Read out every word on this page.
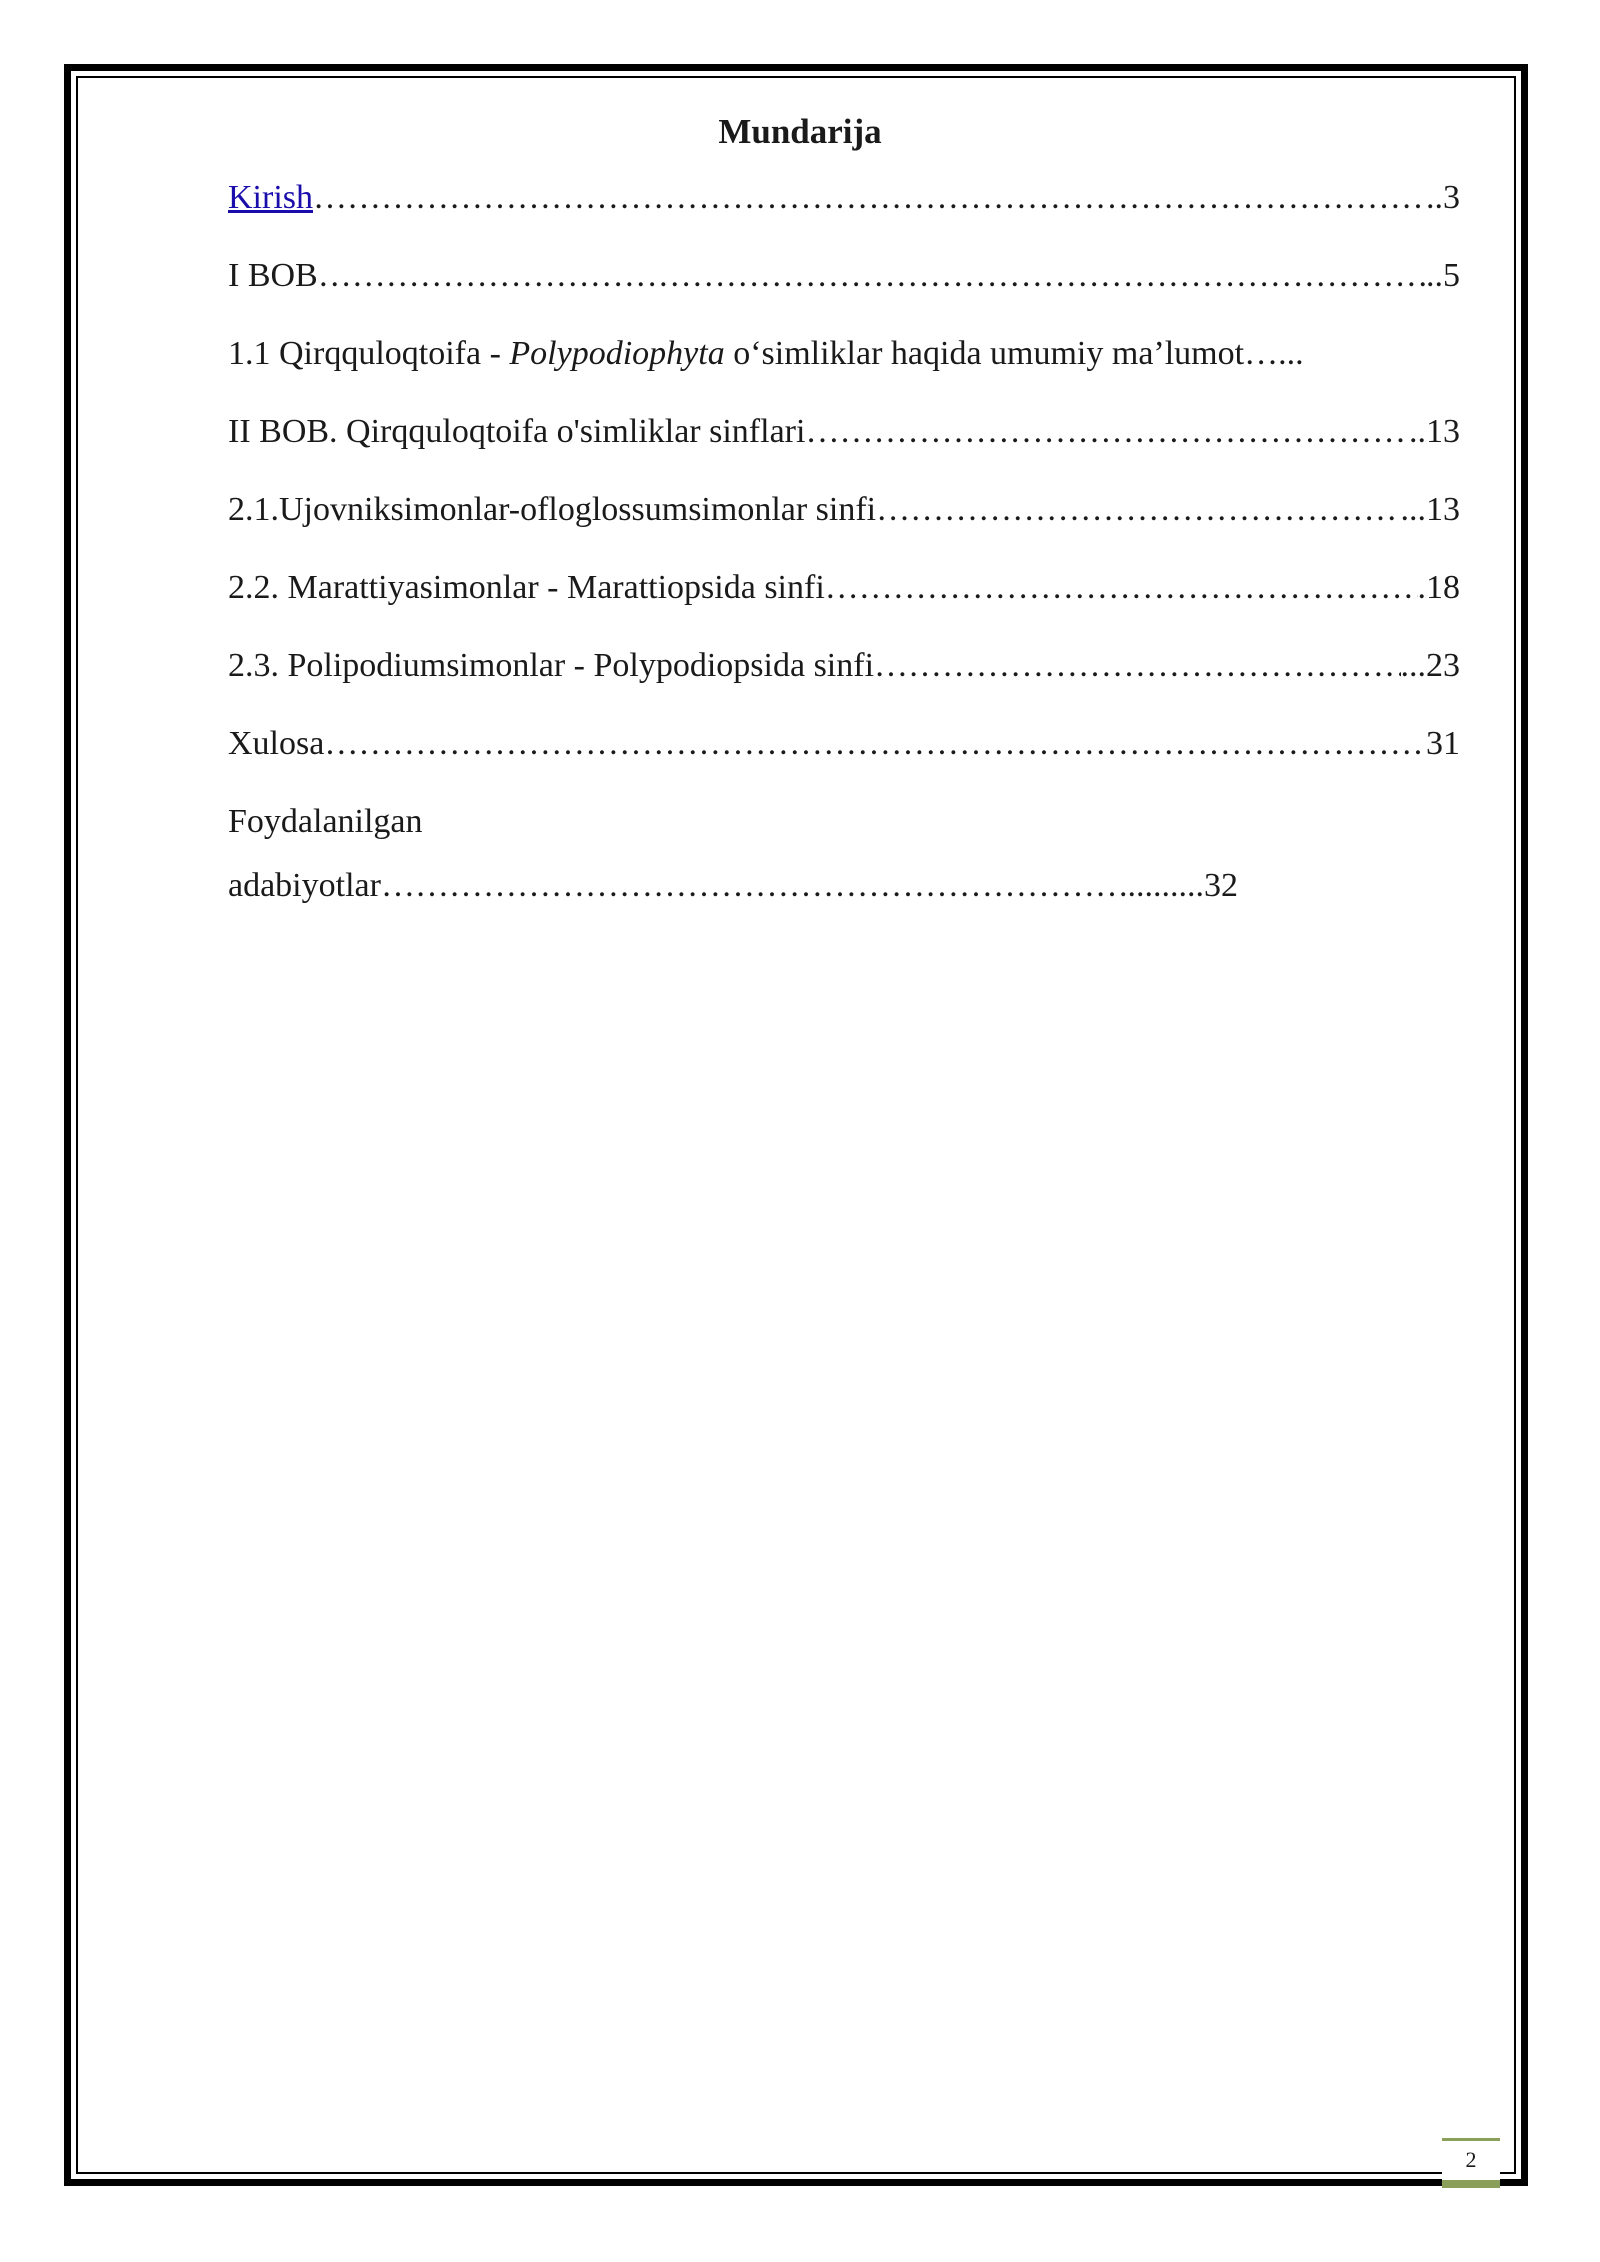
Mundarija
Kirish …………………………………………………………………………………………………………………………………………………………………………	..3
I BOB …………………………………………………………………………………………………………………………………………………………………………	..5
1.1 Qirqquloqtoifa - Polypodiophyta o‘simliklar haqida umumiy ma’lumot…...
II BOB. Qirqquloqtoifa o'simliklar sinflari …………………………………………………………………………………………………………………………………………………………………………	..13
2.1.Ujovniksimonlar-ofloglossumsimonlar sinfi …………………………………………………………………………………………………………………………………………………………………………	...13
2.2. Marattiyasimonlar - Marattiopsida sinfi …………………………………………………………………………………………………………………………………………………………………………	.18
2.3. Polipodiumsimonlar - Polypodiopsida sinfi …………………………………………………………………………………………………………………………………………………………………………	...23
Xulosa …………………………………………………………………………………………………………………………………………………………………………	31
Foydalanilgan
adabiyotlar …………………………………………………………………………………………………………………………………………………………………………	..........32
2
